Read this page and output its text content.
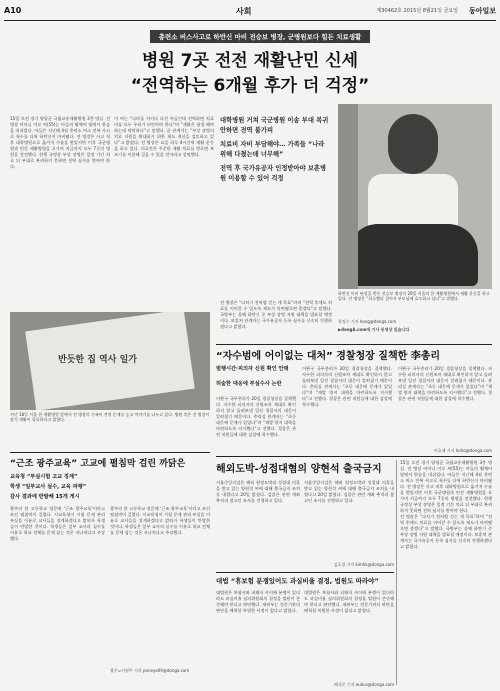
A10	사회	제30462호 2015년 8월21일 금요일 동아일보
총련소 버스사고로 하반신 마비 전승보 병장, 군병원보다 힘든 치료생활
병원 7곳 전전 재활난민 신세
“전역하는 6개월 후가 더 걱정”
15일 오전 경기 양평군 국립교통재활병원 3층 병실. 전 병장 어머니 이모 씨(55)는 아들의 휠체어 옆에서 한숨을 내쉬었다. 아들은 지난해 4월 총련소 버스 전복 사고로 척수를 다쳐 하반신이 마비됐다. 전 병장은 사고 직후 대학병원으로 옮겨져 수술을 받았지만 이후 국군병원과 민간 재활병원을 오가며 지금까지 모두 7곳의 병원을 전전했다. 현행 규정상 부상 장병은 일정 기간 치료 뒤 부대로 복귀하지 못하면 전역 심사를 받아야 한다.
이 씨는 “나라를 지키다 다친 아들인데 전역하면 치료비를 모두 우리가 떠안아야 한다”며 “재활은 평생 해야 하는데 막막하다”고 말했다. 군 관계자는 “부상 장병의 치료 지원을 확대하기 위한 제도 개선을 검토하고 있다”고 밝혔다. 전 병장은 요즘 하루 4시간씩 재활 운동을 하고 있다. 의료진은 꾸준한 재활 치료를 받으면 보조기를 이용해 걸을 수 있을 것이라고 설명했다.
대학병원 거쳐 국군병원 이송 부대 복귀 안하면 전역 불가피
치료비 자비 부담해야… 가족들 “나라 위해 다쳤는데 너무해”
전역 후 국가유공자 인정받아야 보훈병원 이용할 수 있어 걱정
전 병장은 “다치기 전처럼 걷는 게 목표”라며 “전역 후에도 치료를 이어갈 수 있도록 제도가 마련됐으면 좋겠다”고 말했다. 국방부는 올해 하반기 중 부상 장병 지원 대책을 발표할 예정이다. 보훈처 관계자는 국가유공자 등록 심사를 신속히 진행하겠다고 밝혔다.
하반신 마비 판정을 받은 전승보 병장이 20일 서울의 한 재활병원에서 재활 운동을 하고 있다. 전 병장은 “하루빨리 걸어서 부모님께 효도하고 싶다”고 말했다.
홍정수 기자 hong@donga.com
▶dongA.com에 기사 동영상 있습니다
반듯한 집 역사 일가
지난 18일 서울 한 재활병원 앞에서 전 병장의 가족이 전역 문제를 놓고 이야기를 나누고 있다. 병원 측은 전 병장이 장기 재활이 필요하다고 밝혔다.
“자수범에 어이없는 대처” 경찰청장 질책한 李총리
범행시간·피의자 신원 확인 안돼
허술한 대응에 부실수사 논란
이완구 국무총리가 20일 경찰청장을 질책했다. 자수한 피의자의 신원조차 제대로 확인하지 않고 돌려보낸 일선 경찰서의 대응이 알려졌기 때문이다. 총리실 관계자는 “초동 대응에 문제가 있었다”며 “재발 방지 대책을 마련하도록 지시했다”고 전했다. 경찰은 관련 직원들에 대한 감찰에 착수했다.
이완구 국무총리가 20일 경찰청장을 질책했다. 자수한 피의자의 신원조차 제대로 확인하지 않고 돌려보낸 일선 경찰서의 대응이 알려졌기 때문이다. 총리실 관계자는 “초동 대응에 문제가 있었다”며 “재발 방지 대책을 마련하도록 지시했다”고 전했다. 경찰은 관련 직원들에 대한 감찰에 착수했다.
이완구 국무총리가 20일 경찰청장을 질책했다. 자수한 피의자의 신원조차 제대로 확인하지 않고 돌려보낸 일선 경찰서의 대응이 알려졌기 때문이다. 총리실 관계자는 “초동 대응에 문제가 있었다”며 “재발 방지 대책을 마련하도록 지시했다”고 전했다. 경찰은 관련 직원들에 대한 감찰에 착수했다.
이호재 기자 hoho@donga.com
“근조 광주교육” 고교에 펼침막 걸린 까닭은
교육청 “부실시험 고교 징계”
학생 “일부교사 실수, 교육 파행”
감사 결과에 반발해 15개 게시
광주의 한 고등학교 정문에 ‘근조 광주교육’이라고 쓰인 펼침막이 걸렸다. 시교육청이 시험 문제 관리 부실을 이유로 교사들을 징계하겠다고 밝히자 학생들이 반발한 것이다. 학생들은 일부 교사의 실수를 이유로 학교 전체를 문제 삼는 것은 지나치다고 주장했다.
광주의 한 고등학교 정문에 ‘근조 광주교육’이라고 쓰인 펼침막이 걸렸다. 시교육청이 시험 문제 관리 부실을 이유로 교사들을 징계하겠다고 밝히자 학생들이 반발한 것이다. 학생들은 일부 교사의 실수를 이유로 학교 전체를 문제 삼는 것은 지나치다고 주장했다.
광주=이형주 기자 peneye09@donga.com
해외도박-성접대혐의 양현석 출국금지
서울중앙지검은 해외 원정도박과 성접대 의혹을 받고 있는 양현석 씨에 대해 출국금지 조치를 내렸다고 20일 밝혔다. 검찰은 관련 계좌 추적과 참고인 조사를 진행하고 있다.
서울중앙지검은 해외 원정도박과 성접대 의혹을 받고 있는 양현석 씨에 대해 출국금지 조치를 내렸다고 20일 밝혔다. 검찰은 관련 계좌 추적과 참고인 조사를 진행하고 있다.
김호경 기자 kimhk@donga.com
대법 “휴보험 분쟁있어도 과실비율 결정, 법원도 따라야”
대법원은 보험사와 피해자 사이에 분쟁이 있더라도 과실비율 심의위원회의 결정을 법원이 존중해야 한다고 판단했다. 재판부는 전문기관의 판단을 배척할 특별한 사정이 없다고 밝혔다.
대법원은 보험사와 피해자 사이에 분쟁이 있더라도 과실비율 심의위원회의 결정을 법원이 존중해야 한다고 판단했다. 재판부는 전문기관의 판단을 배척할 특별한 사정이 없다고 밝혔다.
배석준 기자 eulius@donga.com
15일 오전 경기 양평군 국립교통재활병원 3층 병실. 전 병장 어머니 이모 씨(55)는 아들의 휠체어 옆에서 한숨을 내쉬었다. 아들은 지난해 4월 총련소 버스 전복 사고로 척수를 다쳐 하반신이 마비됐다. 전 병장은 사고 직후 대학병원으로 옮겨져 수술을 받았지만 이후 국군병원과 민간 재활병원을 오가며 지금까지 모두 7곳의 병원을 전전했다. 현행 규정상 부상 장병은 일정 기간 치료 뒤 부대로 복귀하지 못하면 전역 심사를 받아야 한다.
전 병장은 “다치기 전처럼 걷는 게 목표”라며 “전역 후에도 치료를 이어갈 수 있도록 제도가 마련됐으면 좋겠다”고 말했다. 국방부는 올해 하반기 중 부상 장병 지원 대책을 발표할 예정이다. 보훈처 관계자는 국가유공자 등록 심사를 신속히 진행하겠다고 밝혔다.
